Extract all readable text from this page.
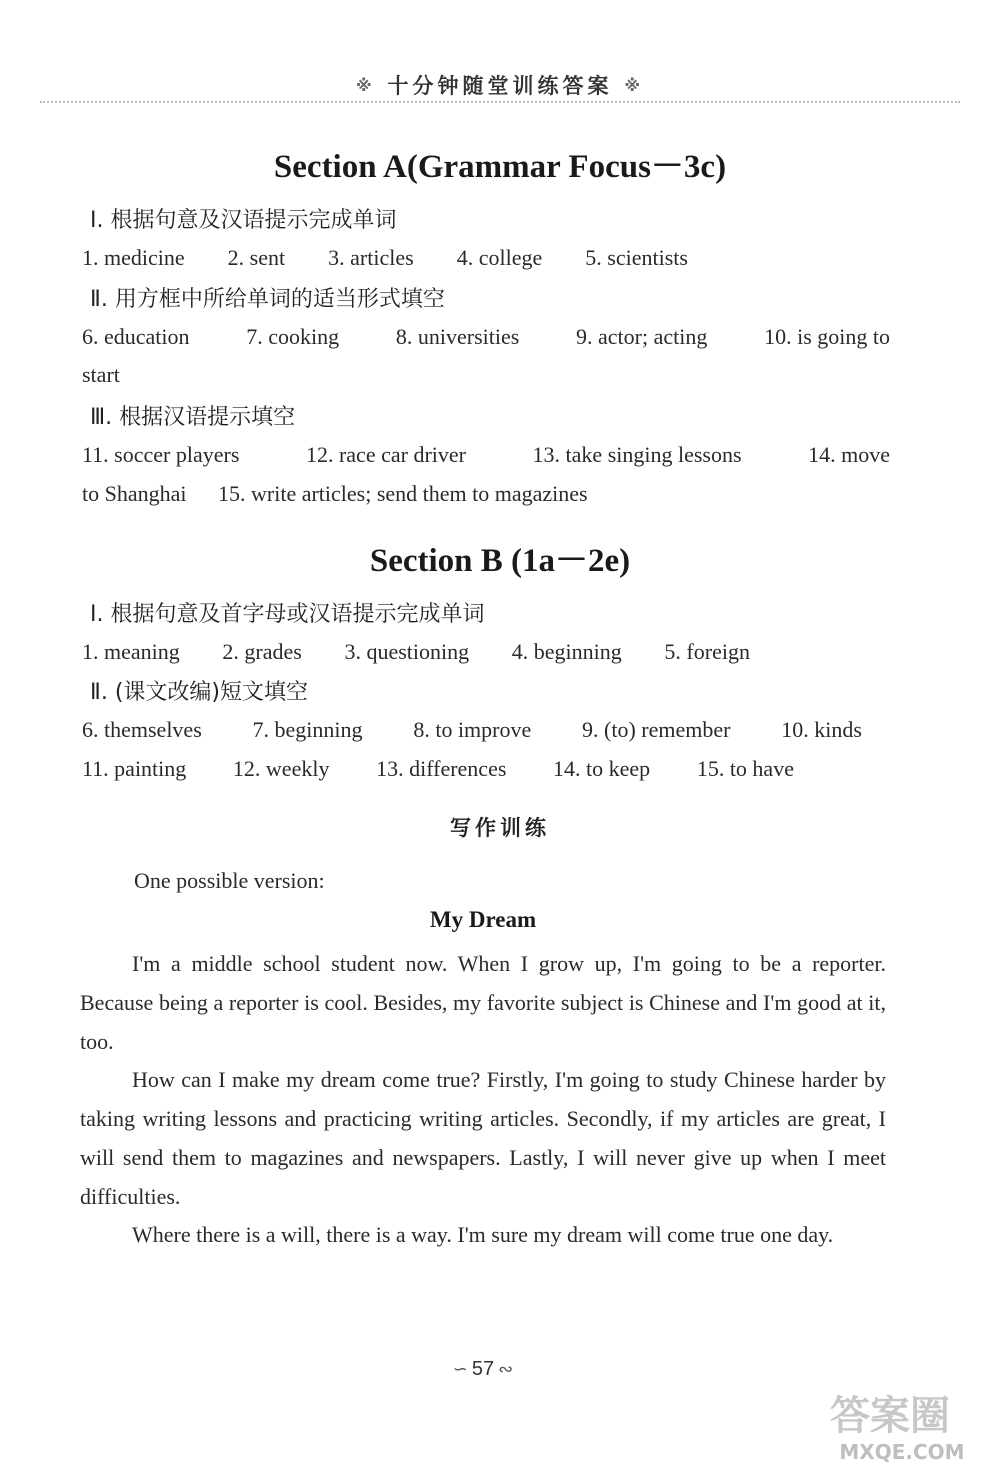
※ 十分钟随堂训练答案 ※
Section A(Grammar Focus－3c)
Ⅰ. 根据句意及汉语提示完成单词
1. medicine 2. sent 3. articles 4. college 5. scientists
Ⅱ. 用方框中所给单词的适当形式填空
6. education	7. cooking	8. universities	9. actor; acting	10. is going to
start
Ⅲ. 根据汉语提示填空
11. soccer players	12. race car driver	13. take singing lessons	14. move
to Shanghai 15. write articles; send them to magazines
Section B (1a－2e)
Ⅰ. 根据句意及首字母或汉语提示完成单词
1. meaning 2. grades 3. questioning 4. beginning 5. foreign
Ⅱ. (课文改编)短文填空
6. themselves 7. beginning 8. to improve 9. (to) remember 10. kinds
11. painting 12. weekly 13. differences 14. to keep 15. to have
写作训练
One possible version:
My Dream

I'm a middle school student now. When I grow up, I'm going to be a reporter. Because being a reporter is cool. Besides, my favorite subject is Chinese and I'm good at it, too.

How can I make my dream come true? Firstly, I'm going to study Chinese harder by taking writing lessons and practicing writing articles. Secondly, if my articles are great, I will send them to magazines and newspapers. Lastly, I will never give up when I meet difficulties.

Where there is a will, there is a way. I'm sure my dream will come true one day.

∽ 57 ∾
答案圈
MXQE.COM
